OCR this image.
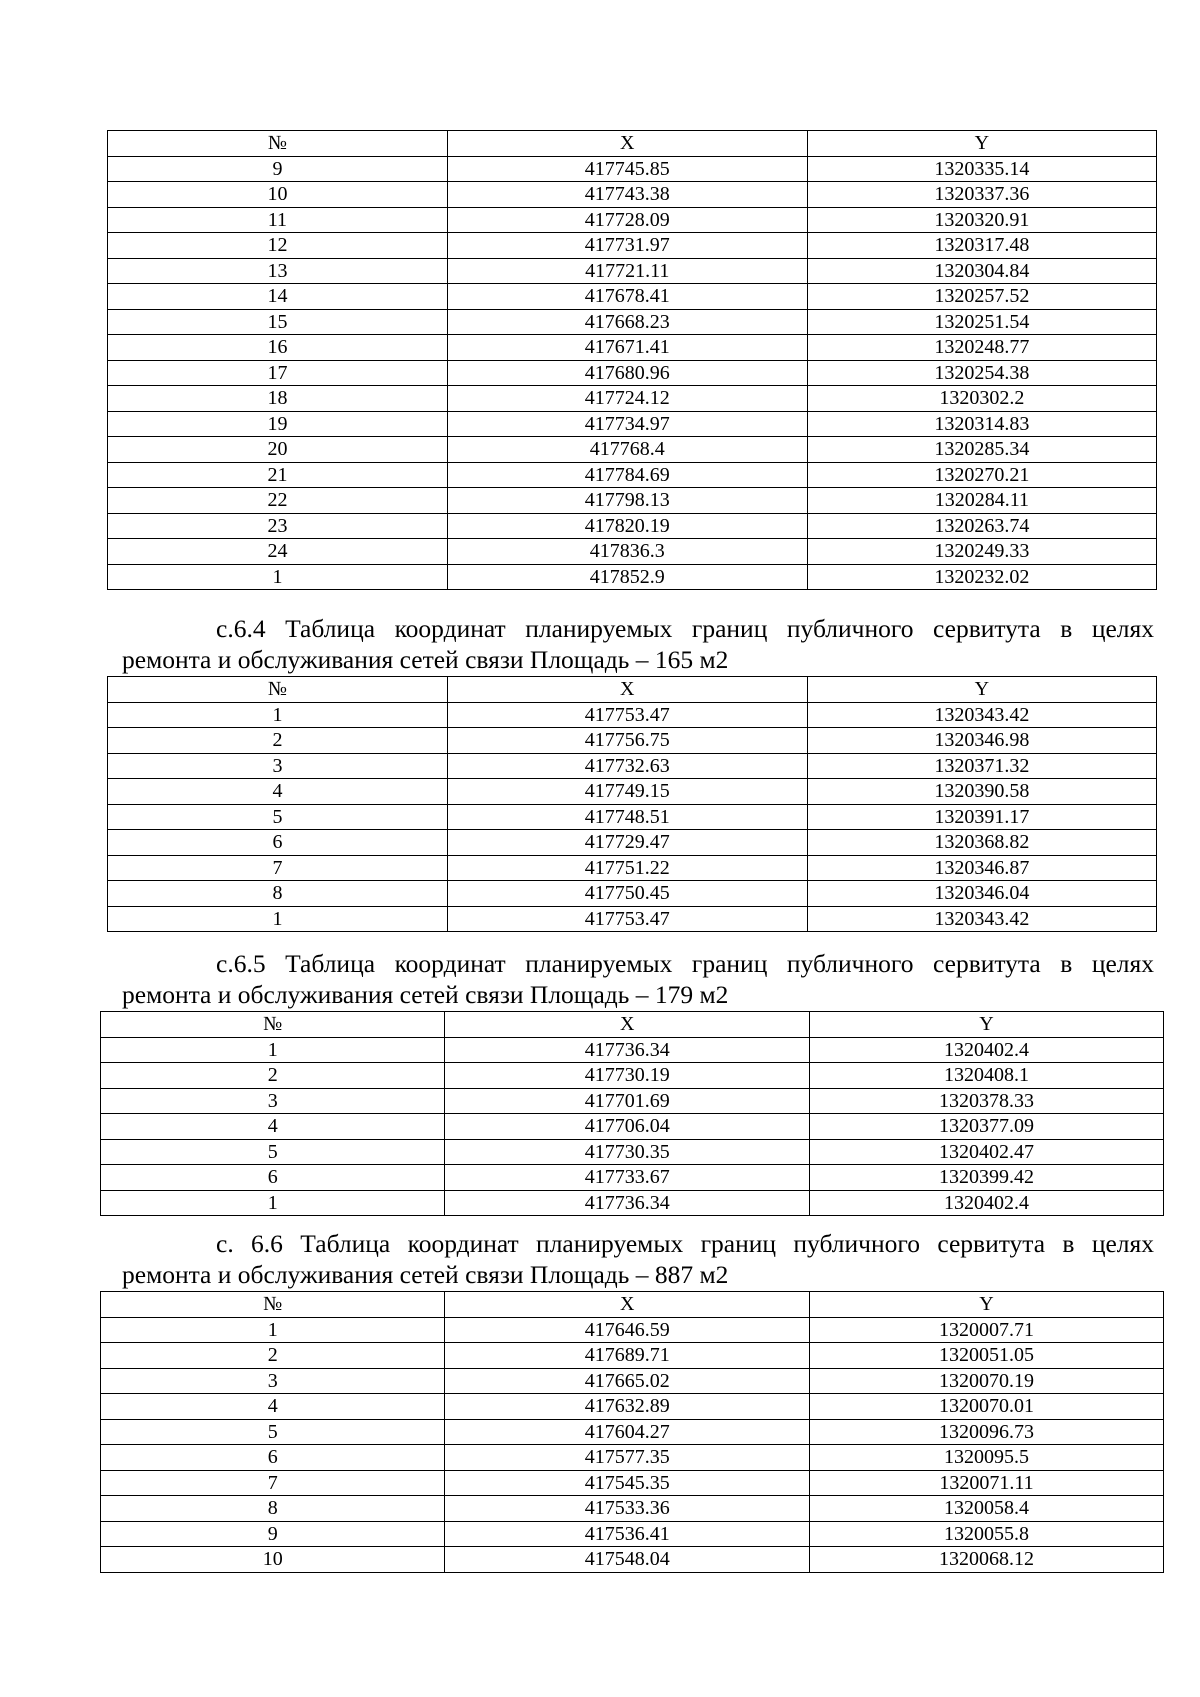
№	X	Y
9	417745.85	1320335.14
10	417743.38	1320337.36
11	417728.09	1320320.91
12	417731.97	1320317.48
13	417721.11	1320304.84
14	417678.41	1320257.52
15	417668.23	1320251.54
16	417671.41	1320248.77
17	417680.96	1320254.38
18	417724.12	1320302.2
19	417734.97	1320314.83
20	417768.4	1320285.34
21	417784.69	1320270.21
22	417798.13	1320284.11
23	417820.19	1320263.74
24	417836.3	1320249.33
1	417852.9	1320232.02
с.6.4 Таблица координат планируемых границ публичного сервитута в целях
ремонта и обслуживания сетей связи Площадь – 165 м2
№	X	Y
1	417753.47	1320343.42
2	417756.75	1320346.98
3	417732.63	1320371.32
4	417749.15	1320390.58
5	417748.51	1320391.17
6	417729.47	1320368.82
7	417751.22	1320346.87
8	417750.45	1320346.04
1	417753.47	1320343.42
с.6.5 Таблица координат планируемых границ публичного сервитута в целях
ремонта и обслуживания сетей связи Площадь – 179 м2
№	X	Y
1	417736.34	1320402.4
2	417730.19	1320408.1
3	417701.69	1320378.33
4	417706.04	1320377.09
5	417730.35	1320402.47
6	417733.67	1320399.42
1	417736.34	1320402.4
с. 6.6 Таблица координат планируемых границ публичного сервитута в целях
ремонта и обслуживания сетей связи Площадь – 887 м2
№	X	Y
1	417646.59	1320007.71
2	417689.71	1320051.05
3	417665.02	1320070.19
4	417632.89	1320070.01
5	417604.27	1320096.73
6	417577.35	1320095.5
7	417545.35	1320071.11
8	417533.36	1320058.4
9	417536.41	1320055.8
10	417548.04	1320068.12
